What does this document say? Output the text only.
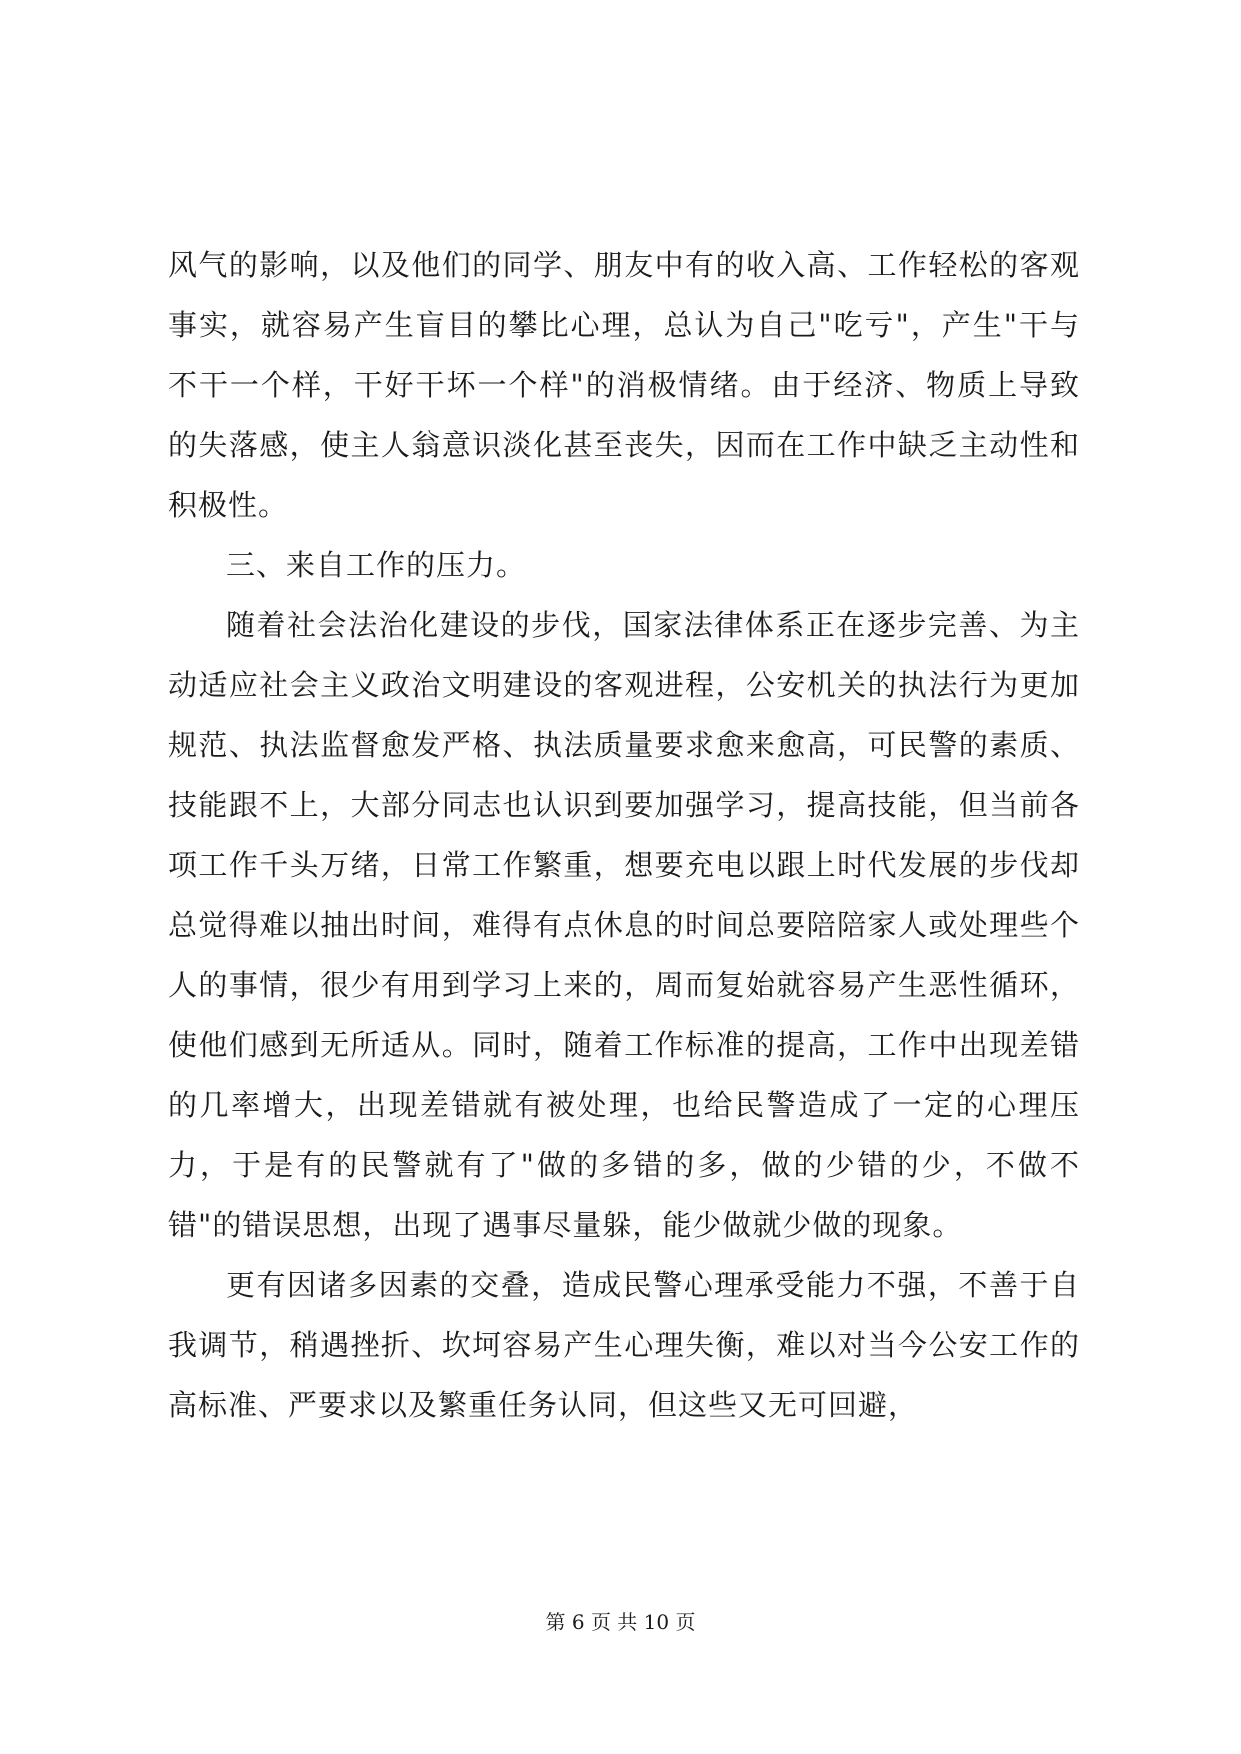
风气的影响，以及他们的同学、朋友中有的收入高、工作轻松的客观事实，就容易产生盲目的攀比心理，总认为自己"吃亏"，产生"干与不干一个样，干好干坏一个样"的消极情绪。由于经济、物质上导致的失落感，使主人翁意识淡化甚至丧失，因而在工作中缺乏主动性和积极性。

三、来自工作的压力。

随着社会法治化建设的步伐，国家法律体系正在逐步完善、为主动适应社会主义政治文明建设的客观进程，公安机关的执法行为更加规范、执法监督愈发严格、执法质量要求愈来愈高，可民警的素质、技能跟不上，大部分同志也认识到要加强学习，提高技能，但当前各项工作千头万绪，日常工作繁重，想要充电以跟上时代发展的步伐却总觉得难以抽出时间，难得有点休息的时间总要陪陪家人或处理些个人的事情，很少有用到学习上来的，周而复始就容易产生恶性循环，使他们感到无所适从。同时，随着工作标准的提高，工作中出现差错的几率增大，出现差错就有被处理，也给民警造成了一定的心理压力，于是有的民警就有了"做的多错的多，做的少错的少，不做不错"的错误思想，出现了遇事尽量躲，能少做就少做的现象。

更有因诸多因素的交叠，造成民警心理承受能力不强，不善于自我调节，稍遇挫折、坎坷容易产生心理失衡，难以对当今公安工作的高标准、严要求以及繁重任务认同，但这些又无可回避，

第 6 页 共 10 页
